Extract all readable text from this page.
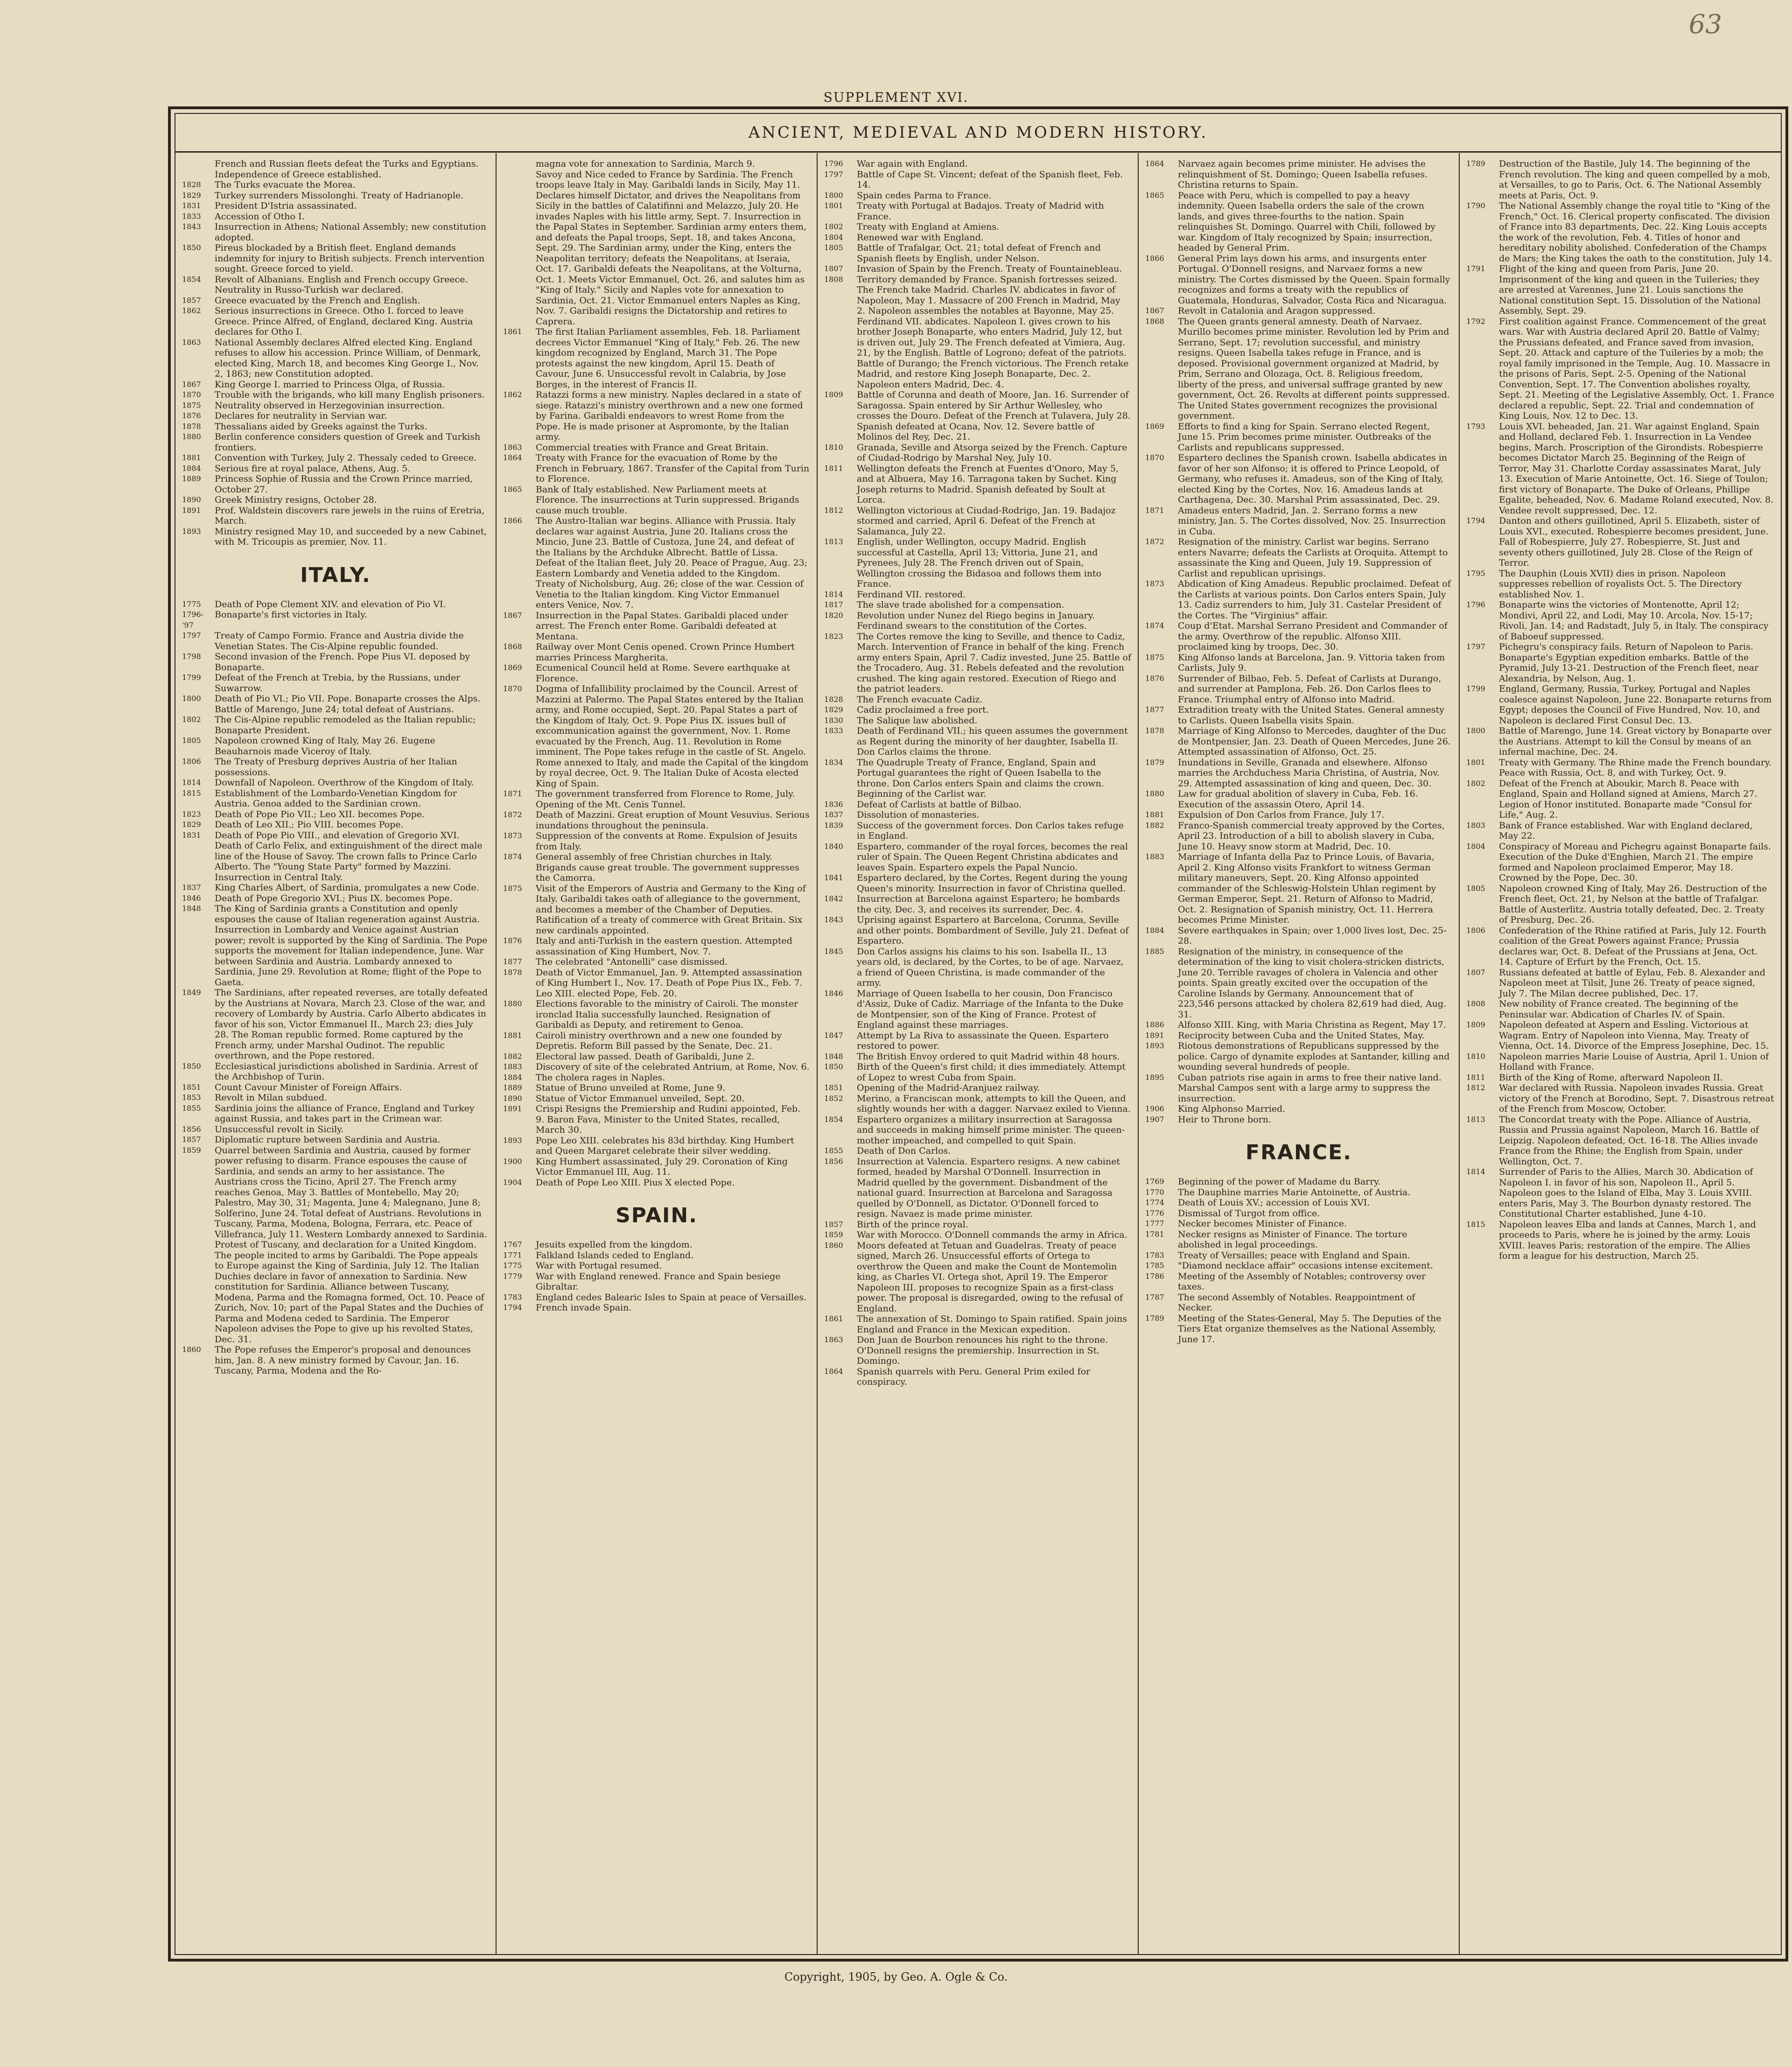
63
SUPPLEMENT XVI.
ANCIENT, MEDIEVAL AND MODERN HISTORY.
French and Russian fleets defeat the Turks and Egyptians.
Independence of Greece established.
1828	The Turks evacuate the Morea.
1829	Turkey surrenders Missolonghi. Treaty of Hadrianople.
1831	President D'Istria assassinated.
1833	Accession of Otho I.
1843	Insurrection in Athens; National Assembly; new constitution adopted.
1850	Pireus blockaded by a British fleet. England demands indemnity for injury to British subjects. French intervention sought. Greece forced to yield.
1854	Revolt of Albanians. English and French occupy Greece. Neutrality in Russo-Turkish war declared.
1857	Greece evacuated by the French and English.
1862	Serious insurrections in Greece. Otho I. forced to leave Greece. Prince Alfred, of England, declared King. Austria declares for Otho I.
1863	National Assembly declares Alfred elected King. England refuses to allow his accession. Prince William, of Denmark, elected King, March 18, and becomes King George I., Nov. 2, 1863; new Constitution adopted.
1867	King George I. married to Princess Olga, of Russia.
1870	Trouble with the brigands, who kill many English prisoners.
1875	Neutrality observed in Herzegovinian insurrection.
1876	Declares for neutrality in Servian war.
1878	Thessalians aided by Greeks against the Turks.
1880	Berlin conference considers question of Greek and Turkish frontiers.
1881	Convention with Turkey, July 2. Thessaly ceded to Greece.
1884	Serious fire at royal palace, Athens, Aug. 5.
1889	Princess Sophie of Russia and the Crown Prince married, October 27.
1890	Greek Ministry resigns, October 28.
1891	Prof. Waldstein discovers rare jewels in the ruins of Eretria, March.
1893	Ministry resigned May 10, and succeeded by a new Cabinet, with M. Tricoupis as premier, Nov. 11.
ITALY.
1775	Death of Pope Clement XIV. and elevation of Pio VI.
1796-'97
Bonaparte's first victories in Italy.
1797	Treaty of Campo Formio. France and Austria divide the Venetian States. The Cis-Alpine republic founded.
1798	Second invasion of the French. Pope Pius VI. deposed by Bonaparte.
1799	Defeat of the French at Trebia, by the Russians, under Suwarrow.
1800	Death of Pio VI.; Pio VII. Pope. Bonaparte crosses the Alps. Battle of Marengo, June 24; total defeat of Austrians.
1802	The Cis-Alpine republic remodeled as the Italian republic; Bonaparte President.
1805	Napoleon crowned King of Italy, May 26. Eugene Beauharnois made Viceroy of Italy.
1806	The Treaty of Presburg deprives Austria of her Italian possessions.
1814	Downfall of Napoleon. Overthrow of the Kingdom of Italy.
1815	Establishment of the Lombardo-Venetian Kingdom for Austria. Genoa added to the Sardinian crown.
1823	Death of Pope Pio VII.; Leo XII. becomes Pope.
1829	Death of Leo XII.; Pio VIII. becomes Pope.
1831	Death of Pope Pio VIII., and elevation of Gregorio XVI. Death of Carlo Felix, and extinguishment of the direct male line of the House of Savoy. The crown falls to Prince Carlo Alberto. The "Young State Party" formed by Mazzini. Insurrection in Central Italy.
1837	King Charles Albert, of Sardinia, promulgates a new Code.
1846	Death of Pope Gregorio XVI.; Pius IX. becomes Pope.
1848	The King of Sardinia grants a Constitution and openly espouses the cause of Italian regeneration against Austria. Insurrection in Lombardy and Venice against Austrian power; revolt is supported by the King of Sardinia. The Pope supports the movement for Italian independence, June. War between Sardinia and Austria. Lombardy annexed to Sardinia, June 29. Revolution at Rome; flight of the Pope to Gaeta.
1849	The Sardinians, after repeated reverses, are totally defeated by the Austrians at Novara, March 23. Close of the war, and recovery of Lombardy by Austria. Carlo Alberto abdicates in favor of his son, Victor Emmanuel II., March 23; dies July 28. The Roman republic formed. Rome captured by the French army, under Marshal Oudinot. The republic overthrown, and the Pope restored.
1850	Ecclesiastical jurisdictions abolished in Sardinia. Arrest of the Archbishop of Turin.
1851	Count Cavour Minister of Foreign Affairs.
1853	Revolt in Milan subdued.
1855	Sardinia joins the alliance of France, England and Turkey against Russia, and takes part in the Crimean war.
1856	Unsuccessful revolt in Sicily.
1857	Diplomatic rupture between Sardinia and Austria.
1859	Quarrel between Sardinia and Austria, caused by former power refusing to disarm. France espouses the cause of Sardinia, and sends an army to her assistance. The Austrians cross the Ticino, April 27. The French army reaches Genoa, May 3. Battles of Montebello, May 20; Palestro, May 30, 31; Magenta, June 4; Malegnano, June 8; Solferino, June 24. Total defeat of Austrians. Revolutions in Tuscany, Parma, Modena, Bologna, Ferrara, etc. Peace of Villefranca, July 11. Western Lombardy annexed to Sardinia. Protest of Tuscany, and declaration for a United Kingdom. The people incited to arms by Garibaldi. The Pope appeals to Europe against the King of Sardinia, July 12. The Italian Duchies declare in favor of annexation to Sardinia. New constitution for Sardinia. Alliance between Tuscany, Modena, Parma and the Romagna formed, Oct. 10. Peace of Zurich, Nov. 10; part of the Papal States and the Duchies of Parma and Modena ceded to Sardinia. The Emperor Napoleon advises the Pope to give up his revolted States, Dec. 31.
1860	The Pope refuses the Emperor's proposal and denounces him, Jan. 8. A new ministry formed by Cavour, Jan. 16. Tuscany, Parma, Modena and the Ro-
magna vote for annexation to Sardinia, March 9.
Savoy and Nice ceded to France by Sardinia. The French troops leave Italy in May. Garibaldi lands in Sicily, May 11. Declares himself Dictator, and drives the Neapolitans from Sicily in the battles of Calatifinni and Melazzo, July 20. He invades Naples with his little army, Sept. 7. Insurrection in the Papal States in September. Sardinian army enters them, and defeats the Papal troops, Sept. 18, and takes Ancona, Sept. 29. The Sardinian army, under the King, enters the Neapolitan territory; defeats the Neapolitans, at Iseraia, Oct. 17. Garibaldi defeats the Neapolitans, at the Volturna, Oct. 1. Meets Victor Emmanuel, Oct. 26, and salutes him as "King of Italy." Sicily and Naples vote for annexation to Sardinia, Oct. 21. Victor Emmanuel enters Naples as King, Nov. 7. Garibaldi resigns the Dictatorship and retires to Caprera.
1861	The first Italian Parliament assembles, Feb. 18. Parliament decrees Victor Emmanuel "King of Italy," Feb. 26. The new kingdom recognized by England, March 31. The Pope protests against the new kingdom, April 15. Death of Cavour, June 6. Unsuccessful revolt in Calabria, by Jose Borges, in the interest of Francis II.
1862	Ratazzi forms a new ministry. Naples declared in a state of siege. Ratazzi's ministry overthrown and a new one formed by Farina. Garibaldi endeavors to wrest Rome from the Pope. He is made prisoner at Aspromonte, by the Italian army.
1863	Commercial treaties with France and Great Britain.
1864	Treaty with France for the evacuation of Rome by the French in February, 1867. Transfer of the Capital from Turin to Florence.
1865	Bank of Italy established. New Parliament meets at Florence. The insurrections at Turin suppressed. Brigands cause much trouble.
1866	The Austro-Italian war begins. Alliance with Prussia. Italy declares war against Austria, June 20. Italians cross the Mincio, June 23. Battle of Custoza, June 24, and defeat of the Italians by the Archduke Albrecht. Battle of Lissa. Defeat of the Italian fleet, July 20. Peace of Prague, Aug. 23; Eastern Lombardy and Venetia added to the Kingdom. Treaty of Nicholsburg, Aug. 26; close of the war. Cession of Venetia to the Italian kingdom. King Victor Emmanuel enters Venice, Nov. 7.
1867	Insurrection in the Papal States. Garibaldi placed under arrest. The French enter Rome. Garibaldi defeated at Mentana.
1868	Railway over Mont Cenis opened. Crown Prince Humbert marries Princess Margherita.
1869	Ecumenical Council held at Rome. Severe earthquake at Florence.
1870	Dogma of Infallibility proclaimed by the Council. Arrest of Mazzini at Palermo. The Papal States entered by the Italian army, and Rome occupied, Sept. 20. Papal States a part of the Kingdom of Italy, Oct. 9. Pope Pius IX. issues bull of excommunication against the government, Nov. 1. Rome evacuated by the French, Aug. 11. Revolution in Rome imminent. The Pope takes refuge in the castle of St. Angelo. Rome annexed to Italy, and made the Capital of the kingdom by royal decree, Oct. 9. The Italian Duke of Acosta elected King of Spain.
1871	The government transferred from Florence to Rome, July. Opening of the Mt. Cenis Tunnel.
1872	Death of Mazzini. Great eruption of Mount Vesuvius. Serious inundations throughout the peninsula.
1873	Suppression of the convents at Rome. Expulsion of Jesuits from Italy.
1874	General assembly of free Christian churches in Italy. Brigands cause great trouble. The government suppresses the Camorra.
1875	Visit of the Emperors of Austria and Germany to the King of Italy. Garibaldi takes oath of allegiance to the government, and becomes a member of the Chamber of Deputies. Ratification of a treaty of commerce with Great Britain. Six new cardinals appointed.
1876	Italy and anti-Turkish in the eastern question. Attempted assassination of King Humbert, Nov. 7.
1877	The celebrated "Antonelli" case dismissed.
1878	Death of Victor Emmanuel, Jan. 9. Attempted assassination of King Humbert I., Nov. 17. Death of Pope Pius IX., Feb. 7. Leo XIII. elected Pope, Feb. 20.
1880	Elections favorable to the ministry of Cairoli. The monster ironclad Italia successfully launched. Resignation of Garibaldi as Deputy, and retirement to Genoa.
1881	Cairoli ministry overthrown and a new one founded by Depretis. Reform Bill passed by the Senate, Dec. 21.
1882	Electoral law passed. Death of Garibaldi, June 2.
1883	Discovery of site of the celebrated Antrium, at Rome, Nov. 6.
1884	The cholera rages in Naples.
1889	Statue of Bruno unveiled at Rome, June 9.
1890	Statue of Victor Emmanuel unveiled, Sept. 20.
1891	Crispi Resigns the Premiership and Rudini appointed, Feb. 9. Baron Fava, Minister to the United States, recalled, March 30.
1893	Pope Leo XIII. celebrates his 83d birthday. King Humbert and Queen Margaret celebrate their silver wedding.
1900	King Humbert assassinated, July 29. Coronation of King Victor Emmanuel III, Aug. 11.
1904	Death of Pope Leo XIII. Pius X elected Pope.
SPAIN.
1767	Jesuits expelled from the kingdom.
1771	Falkland Islands ceded to England.
1775	War with Portugal resumed.
1779	War with England renewed. France and Spain besiege Gibraltar.
1783	England cedes Balearic Isles to Spain at peace of Versailles.
1794	French invade Spain.
1796	War again with England.
1797	Battle of Cape St. Vincent; defeat of the Spanish fleet, Feb. 14.
1800	Spain cedes Parma to France.
1801	Treaty with Portugal at Badajos. Treaty of Madrid with France.
1802	Treaty with England at Amiens.
1804	Renewed war with England.
1805	Battle of Trafalgar, Oct. 21; total defeat of French and Spanish fleets by English, under Nelson.
1807	Invasion of Spain by the French. Treaty of Fountainebleau.
1808	Territory demanded by France. Spanish fortresses seized. The French take Madrid. Charles IV. abdicates in favor of Napoleon, May 1. Massacre of 200 French in Madrid, May 2. Napoleon assembles the notables at Bayonne, May 25. Ferdinand VII. abdicates. Napoleon I. gives crown to his brother Joseph Bonaparte, who enters Madrid, July 12, but is driven out, July 29. The French defeated at Vimiera, Aug. 21, by the English. Battle of Logrono; defeat of the patriots. Battle of Durango; the French victorious. The French retake Madrid, and restore King Joseph Bonaparte, Dec. 2. Napoleon enters Madrid, Dec. 4.
1809	Battle of Corunna and death of Moore, Jan. 16. Surrender of Saragossa. Spain entered by Sir Arthur Wellesley, who crosses the Douro. Defeat of the French at Tulavera, July 28. Spanish defeated at Ocana, Nov. 12. Severe battle of Molinos del Rey, Dec. 21.
1810	Granada, Seville and Atsorga seized by the French. Capture of Ciudad-Rodrigo by Marshal Ney, July 10.
1811	Wellington defeats the French at Fuentes d'Onoro, May 5, and at Albuera, May 16. Tarragona taken by Suchet. King Joseph returns to Madrid. Spanish defeated by Soult at Lorca.
1812	Wellington victorious at Ciudad-Rodrigo, Jan. 19. Badajoz stormed and carried, April 6. Defeat of the French at Salamanca, July 22.
1813	English, under Wellington, occupy Madrid. English successful at Castella, April 13; Vittoria, June 21, and Pyrenees, July 28. The French driven out of Spain, Wellington crossing the Bidasoa and follows them into France.
1814	Ferdinand VII. restored.
1817	The slave trade abolished for a compensation.
1820	Revolution under Nunez del Riego begins in January. Ferdinand swears to the constitution of the Cortes.
1823	The Cortes remove the king to Seville, and thence to Cadiz, March. Intervention of France in behalf of the king. French army enters Spain, April 7. Cadiz invested, June 25. Battle of the Trocadero, Aug. 31. Rebels defeated and the revolution crushed. The king again restored. Execution of Riego and the patriot leaders.
1828	The French evacuate Cadiz.
1829	Cadiz proclaimed a free port.
1830	The Salique law abolished.
1833	Death of Ferdinand VII.; his queen assumes the government as Regent during the minority of her daughter, Isabella II. Don Carlos claims the throne.
1834	The Quadruple Treaty of France, England, Spain and Portugal guarantees the right of Queen Isabella to the throne. Don Carlos enters Spain and claims the crown. Beginning of the Carlist war.
1836	Defeat of Carlists at battle of Bilbao.
1837	Dissolution of monasteries.
1839	Success of the government forces. Don Carlos takes refuge in England.
1840	Espartero, commander of the royal forces, becomes the real ruler of Spain. The Queen Regent Christina abdicates and leaves Spain. Espartero expels the Papal Nuncio.
1841	Espartero declared, by the Cortes, Regent during the young Queen's minority. Insurrection in favor of Christina quelled.
1842	Insurrection at Barcelona against Espartero; he bombards the city, Dec. 3, and receives its surrender, Dec. 4.
1843	Uprising against Espartero at Barcelona, Corunna, Seville and other points. Bombardment of Seville, July 21. Defeat of Espartero.
1845	Don Carlos assigns his claims to his son. Isabella II., 13 years old, is declared, by the Cortes, to be of age. Narvaez, a friend of Queen Christina, is made commander of the army.
1846	Marriage of Queen Isabella to her cousin, Don Francisco d'Assiz, Duke of Cadiz. Marriage of the Infanta to the Duke de Montpensier, son of the King of France. Protest of England against these marriages.
1847	Attempt by La Riva to assassinate the Queen. Espartero restored to power.
1848	The British Envoy ordered to quit Madrid within 48 hours.
1850	Birth of the Queen's first child; it dies immediately. Attempt of Lopez to wrest Cuba from Spain.
1851	Opening of the Madrid-Aranjuez railway.
1852	Merino, a Franciscan monk, attempts to kill the Queen, and slightly wounds her with a dagger. Narvaez exiled to Vienna.
1854	Espartero organizes a military insurrection at Saragossa and succeeds in making himself prime minister. The queen-mother impeached, and compelled to quit Spain.
1855	Death of Don Carlos.
1856	Insurrection at Valencia. Espartero resigns. A new cabinet formed, headed by Marshal O'Donnell. Insurrection in Madrid quelled by the government. Disbandment of the national guard. Insurrection at Barcelona and Saragossa quelled by O'Donnell, as Dictator. O'Donnell forced to resign. Navaez is made prime minister.
1857	Birth of the prince royal.
1859	War with Morocco. O'Donnell commands the army in Africa.
1860	Moors defeated at Tetuan and Guadelras. Treaty of peace signed, March 26. Unsuccessful efforts of Ortega to overthrow the Queen and make the Count de Montemolin king, as Charles VI. Ortega shot, April 19. The Emperor Napoleon III. proposes to recognize Spain as a first-class power. The proposal is disregarded, owing to the refusal of England.
1861	The annexation of St. Domingo to Spain ratified. Spain joins England and France in the Mexican expedition.
1863	Don Juan de Bourbon renounces his right to the throne. O'Donnell resigns the premiership. Insurrection in St. Domingo.
1864	Spanish quarrels with Peru. General Prim exiled for conspiracy.
1864	Narvaez again becomes prime minister. He advises the relinquishment of St. Domingo; Queen Isabella refuses. Christina returns to Spain.
1865	Peace with Peru, which is compelled to pay a heavy indemnity. Queen Isabella orders the sale of the crown lands, and gives three-fourths to the nation. Spain relinquishes St. Domingo. Quarrel with Chili, followed by war. Kingdom of Italy recognized by Spain; insurrection, headed by General Prim.
1866	General Prim lays down his arms, and insurgents enter Portugal. O'Donnell resigns, and Narvaez forms a new ministry. The Cortes dismissed by the Queen. Spain formally recognizes and forms a treaty with the republics of Guatemala, Honduras, Salvador, Costa Rica and Nicaragua.
1867	Revolt in Catalonia and Aragon suppressed.
1868	The Queen grants general amnesty. Death of Narvaez. Murillo becomes prime minister. Revolution led by Prim and Serrano, Sept. 17; revolution successful, and ministry resigns. Queen Isabella takes refuge in France, and is deposed. Provisional government organized at Madrid, by Prim, Serrano and Olozaga, Oct. 8. Religious freedom, liberty of the press, and universal suffrage granted by new government, Oct. 26. Revolts at different points suppressed. The United States government recognizes the provisional government.
1869	Efforts to find a king for Spain. Serrano elected Regent, June 15. Prim becomes prime minister. Outbreaks of the Carlists and republicans suppressed.
1870	Espartero declines the Spanish crown. Isabella abdicates in favor of her son Alfonso; it is offered to Prince Leopold, of Germany, who refuses it. Amadeus, son of the King of Italy, elected King by the Cortes, Nov. 16. Amadeus lands at Carthagena, Dec. 30. Marshal Prim assassinated, Dec. 29.
1871	Amadeus enters Madrid, Jan. 2. Serrano forms a new ministry, Jan. 5. The Cortes dissolved, Nov. 25. Insurrection in Cuba.
1872	Resignation of the ministry. Carlist war begins. Serrano enters Navarre; defeats the Carlists at Oroquita. Attempt to assassinate the King and Queen, July 19. Suppression of Carlist and republican uprisings.
1873	Abdication of King Amadeus. Republic proclaimed. Defeat of the Carlists at various points. Don Carlos enters Spain, July 13. Cadiz surrenders to him, July 31. Castelar President of the Cortes. The "Virginius" affair.
1874	Coup d'Etat. Marshal Serrano President and Commander of the army. Overthrow of the republic. Alfonso XIII. proclaimed king by troops, Dec. 30.
1875	King Alfonso lands at Barcelona, Jan. 9. Vittoria taken from Carlists, July 9.
1876	Surrender of Bilbao, Feb. 5. Defeat of Carlists at Durango, and surrender at Pamplona, Feb. 26. Don Carlos flees to France. Triumphal entry of Alfonso into Madrid.
1877	Extradition treaty with the United States. General amnesty to Carlists. Queen Isabella visits Spain.
1878	Marriage of King Alfonso to Mercedes, daughter of the Duc de Montpensier, Jan. 23. Death of Queen Mercedes, June 26. Attempted assassination of Alfonso, Oct. 25.
1879	Inundations in Seville, Granada and elsewhere. Alfonso marries the Archduchess Maria Christina, of Austria, Nov. 29. Attempted assassination of king and queen, Dec. 30.
1880	Law for gradual abolition of slavery in Cuba, Feb. 16. Execution of the assassin Otero, April 14.
1881	Expulsion of Don Carlos from France, July 17.
1882	Franco-Spanish commercial treaty approved by the Cortes, April 23. Introduction of a bill to abolish slavery in Cuba, June 10. Heavy snow storm at Madrid, Dec. 10.
1883	Marriage of Infanta della Paz to Prince Louis, of Bavaria, April 2. King Alfonso visits Frankfort to witness German military maneuvers, Sept. 20. King Alfonso appointed commander of the Schleswig-Holstein Uhlan regiment by German Emperor, Sept. 21. Return of Alfonso to Madrid, Oct. 2. Resignation of Spanish ministry, Oct. 11. Herrera becomes Prime Minister.
1884	Severe earthquakes in Spain; over 1,000 lives lost, Dec. 25-28.
1885	Resignation of the ministry, in consequence of the determination of the king to visit cholera-stricken districts, June 20. Terrible ravages of cholera in Valencia and other points. Spain greatly excited over the occupation of the Caroline Islands by Germany. Announcement that of 223,546 persons attacked by cholera 82,619 had died, Aug. 31.
1886	Alfonso XIII. King, with Maria Christina as Regent, May 17.
1891	Reciprocity between Cuba and the United States, May.
1893	Riotous demonstrations of Republicans suppressed by the police. Cargo of dynamite explodes at Santander, killing and wounding several hundreds of people.
1895	Cuban patriots rise again in arms to free their native land. Marshal Campos sent with a large army to suppress the insurrection.
1906	King Alphonso Married.
1907	Heir to Throne born.
FRANCE.
1769	Beginning of the power of Madame du Barry.
1770	The Dauphine marries Marie Antoinette, of Austria.
1774	Death of Louis XV.; accession of Louis XVI.
1776	Dismissal of Turgot from office.
1777	Necker becomes Minister of Finance.
1781	Necker resigns as Minister of Finance. The torture abolished in legal proceedings.
1783	Treaty of Versailles; peace with England and Spain.
1785	"Diamond necklace affair" occasions intense excitement.
1786	Meeting of the Assembly of Notables; controversy over taxes.
1787	The second Assembly of Notables. Reappointment of Necker.
1789	Meeting of the States-General, May 5. The Deputies of the Tiers Etat organize themselves as the National Assembly, June 17.
1789	Destruction of the Bastile, July 14. The beginning of the French revolution. The king and queen compelled by a mob, at Versailles, to go to Paris, Oct. 6. The National Assembly meets at Paris, Oct. 9.
1790	The National Assembly change the royal title to "King of the French," Oct. 16. Clerical property confiscated. The division of France into 83 departments, Dec. 22. King Louis accepts the work of the revolution, Feb. 4. Titles of honor and hereditary nobility abolished. Confederation of the Champs de Mars; the King takes the oath to the constitution, July 14.
1791	Flight of the king and queen from Paris, June 20. Imprisonment of the king and queen in the Tuileries; they are arrested at Varennes, June 21. Louis sanctions the National constitution Sept. 15. Dissolution of the National Assembly, Sept. 29.
1792	First coalition against France. Commencement of the great wars. War with Austria declared April 20. Battle of Valmy; the Prussians defeated, and France saved from invasion, Sept. 20. Attack and capture of the Tuileries by a mob; the royal family imprisoned in the Temple, Aug. 10. Massacre in the prisons of Paris, Sept. 2-5. Opening of the National Convention, Sept. 17. The Convention abolishes royalty, Sept. 21. Meeting of the Legislative Assembly, Oct. 1. France declared a republic, Sept. 22. Trial and condemnation of King Louis, Nov. 12 to Dec. 13.
1793	Louis XVI. beheaded, Jan. 21. War against England, Spain and Holland, declared Feb. 1. Insurrection in La Vendee begins, March. Proscription of the Girondists. Robespierre becomes Dictator March 25. Beginning of the Reign of Terror, May 31. Charlotte Corday assassinates Marat, July 13. Execution of Marie Antoinette, Oct. 16. Siege of Toulon; first victory of Bonaparte. The Duke of Orleans, Phillipe Egalite, beheaded, Nov. 6. Madame Roland executed, Nov. 8. Vendee revolt suppressed, Dec. 12.
1794	Danton and others guillotined, April 5. Elizabeth, sister of Louis XVI., executed. Robespierre becomes president, June. Fall of Robespierre, July 27. Robespierre, St. Just and seventy others guillotined, July 28. Close of the Reign of Terror.
1795	The Dauphin (Louis XVII) dies in prison. Napoleon suppresses rebellion of royalists Oct. 5. The Directory established Nov. 1.
1796	Bonaparte wins the victories of Montenotte, April 12; Mondivi, April 22, and Lodi, May 10. Arcola, Nov. 15-17; Rivoli, Jan. 14; and Radstadt, July 5, in Italy. The conspiracy of Baboeuf suppressed.
1797	Pichegru's conspiracy fails. Return of Napoleon to Paris. Bonaparte's Egyptian expedition embarks. Battle of the Pyramid, July 13-21. Destruction of the French fleet, near Alexandria, by Nelson, Aug. 1.
1799	England, Germany, Russia, Turkey, Portugal and Naples coalesce against Napoleon, June 22. Bonaparte returns from Egypt; deposes the Council of Five Hundred, Nov. 10, and Napoleon is declared First Consul Dec. 13.
1800	Battle of Marengo, June 14. Great victory by Bonaparte over the Austrians. Attempt to kill the Consul by means of an infernal machine, Dec. 24.
1801	Treaty with Germany. The Rhine made the French boundary. Peace with Russia, Oct. 8, and with Turkey, Oct. 9.
1802	Defeat of the French at Aboukir, March 8. Peace with England, Spain and Holland signed at Amiens, March 27. Legion of Honor instituted. Bonaparte made "Consul for Life," Aug. 2.
1803	Bank of France established. War with England declared, May 22.
1804	Conspiracy of Moreau and Pichegru against Bonaparte fails. Execution of the Duke d'Enghien, March 21. The empire formed and Napoleon proclaimed Emperor, May 18. Crowned by the Pope, Dec. 30.
1805	Napoleon crowned King of Italy, May 26. Destruction of the French fleet, Oct. 21, by Nelson at the battle of Trafalgar. Battle of Austerlitz. Austria totally defeated, Dec. 2. Treaty of Presburg, Dec. 26.
1806	Confederation of the Rhine ratified at Paris, July 12. Fourth coalition of the Great Powers against France; Prussia declares war, Oct. 8. Defeat of the Prussians at Jena, Oct. 14. Capture of Erfurt by the French, Oct. 15.
1807	Russians defeated at battle of Eylau, Feb. 8. Alexander and Napoleon meet at Tilsit, June 26. Treaty of peace signed, July 7. The Milan decree published, Dec. 17.
1808	New nobility of France created. The beginning of the Peninsular war. Abdication of Charles IV. of Spain.
1809	Napoleon defeated at Aspern and Essling. Victorious at Wagram. Entry of Napoleon into Vienna, May. Treaty of Vienna, Oct. 14. Divorce of the Empress Josephine, Dec. 15.
1810	Napoleon marries Marie Louise of Austria, April 1. Union of Holland with France.
1811	Birth of the King of Rome, afterward Napoleon II.
1812	War declared with Russia. Napoleon invades Russia. Great victory of the French at Borodino, Sept. 7. Disastrous retreat of the French from Moscow, October.
1813	The Concordat treaty with the Pope. Alliance of Austria, Russia and Prussia against Napoleon, March 16. Battle of Leipzig. Napoleon defeated, Oct. 16-18. The Allies invade France from the Rhine; the English from Spain, under Wellington, Oct. 7.
1814	Surrender of Paris to the Allies, March 30. Abdication of Napoleon I. in favor of his son, Napoleon II., April 5. Napoleon goes to the Island of Elba, May 3. Louis XVIII. enters Paris, May 3. The Bourbon dynasty restored. The Constitutional Charter established, June 4-10.
1815	Napoleon leaves Elba and lands at Cannes, March 1, and proceeds to Paris, where he is joined by the army. Louis XVIII. leaves Paris; restoration of the empire. The Allies form a league for his destruction, March 25.
Copyright, 1905, by Geo. A. Ogle & Co.
